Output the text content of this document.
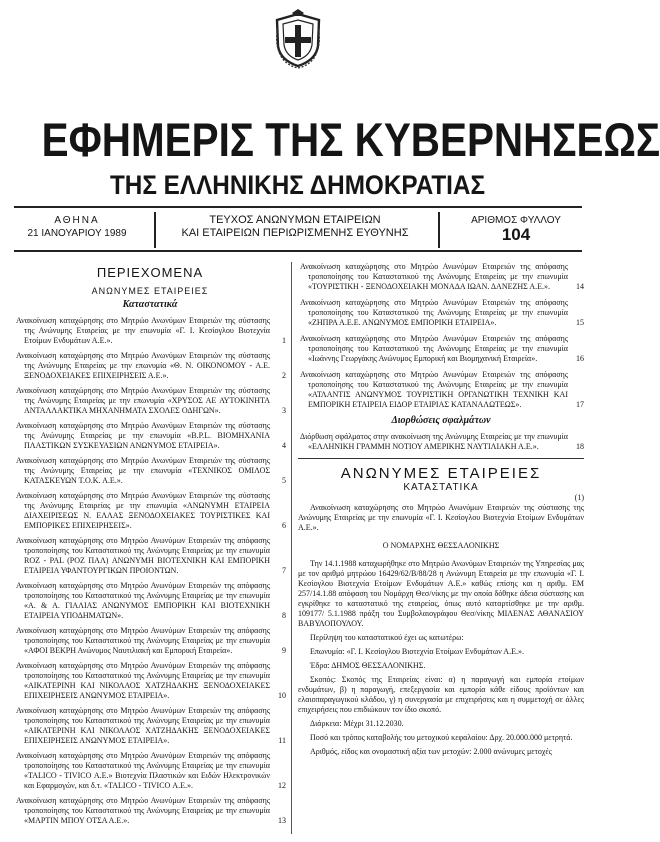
ΕΦΗΜΕΡΙΣ ΤΗΣ ΚΥΒΕΡΝΗΣΕΩΣ
ΤΗΣ ΕΛΛΗΝΙΚΗΣ ΔΗΜΟΚΡΑΤΙΑΣ
ΑΘΗΝΑ
21 ΙΑΝΟΥΑΡΙΟΥ 1989
ΤΕΥΧΟΣ ΑΝΩΝΥΜΩΝ ΕΤΑΙΡΕΙΩΝ
ΚΑΙ ΕΤΑΙΡΕΙΩΝ ΠΕΡΙΩΡΙΣΜΕΝΗΣ ΕΥΘΥΝΗΣ
ΑΡΙΘΜΟΣ ΦΥΛΛΟΥ
104
ΠΕΡΙΕΧΟΜΕΝΑ
ΑΝΩΝΥΜΕΣ ΕΤΑΙΡΕΙΕΣ
Καταστατικά
Ανακοίνωση καταχώρησης στο Μητρώο Ανωνύμων Εταιρειών της σύστασης της Ανώνυμης Εταιρείας με την επωνυμία «Γ. Ι. Κεσίογλου Βιοτεχνία Ετοίμων Ενδυμάτων Α.Ε.».	1
Ανακοίνωση καταχώρησης στο Μητρώο Ανωνύμων Εταιρειών της σύστασης της Ανώνυμης Εταιρείας με την επωνυμία «Θ. Ν. ΟΙΚΟΝΟΜΟΥ - Α.Ε. ΞΕΝΟΔΟΧΕΙΑΚΕΣ ΕΠΙΧΕΙΡΗΣΕΙΣ Α.Ε.».	2
Ανακοίνωση καταχώρησης στο Μητρώο Ανωνύμων Εταιρειών της σύστασης της Ανώνυμης Εταιρείας με την επωνυμία «ΧΡΥΣΟΣ ΑΕ ΑΥΤΟΚΙΝΗΤΑ ΑΝΤΑΛΛΑΚΤΙΚΑ ΜΗΧΑΝΗΜΑΤΑ ΣΧΟΛΕΣ ΟΔΗΓΩΝ».	3
Ανακοίνωση καταχώρησης στο Μητρώο Ανωνύμων Εταιρειών της σύστασης της Ανώνυμης Εταιρείας με την επωνυμία «B.P.L. ΒΙΟΜΗΧΑΝΙΑ ΠΛΑΣΤΙΚΩΝ ΣΥΣΚΕΥΑΣΙΩΝ ΑΝΩΝΥΜΟΣ ΕΤΑΙΡΕΙΑ».	4
Ανακοίνωση καταχώρησης στο Μητρώο Ανωνύμων Εταιρειών της σύστασης της Ανώνυμης Εταιρείας με την επωνυμία «ΤΕΧΝΙΚΟΣ ΟΜΙΛΟΣ ΚΑΤΑΣΚΕΥΩΝ Τ.Ο.Κ. Α.Ε.».	5
Ανακοίνωση καταχώρησης στο Μητρώο Ανωνύμων Εταιρειών της σύστασης της Ανώνυμης Εταιρείας με την επωνυμία «ΑΝΩΝΥΜΗ ΕΤΑΙΡΕΙΑ ΔΙΑΧΕΙΡΙΣΕΩΣ Ν. ΕΛΛΑΣ ΞΕΝΟΔΟΧΕΙΑΚΕΣ ΤΟΥΡΙΣΤΙΚΕΣ ΚΑΙ ΕΜΠΟΡΙΚΕΣ ΕΠΙΧΕΙΡΗΣΕΙΣ».	6
Ανακοίνωση καταχώρησης στο Μητρώο Ανωνύμων Εταιρειών της απόφασης τροποποίησης του Καταστατικού της Ανώνυμης Εταιρείας με την επωνυμία ROZ - PAL (ΡΟΖ ΠΑΛ) ΑΝΩΝΥΜΗ ΒΙΟΤΕΧΝΙΚΗ ΚΑΙ ΕΜΠΟΡΙΚΗ ΕΤΑΙΡΕΙΑ ΥΦΑΝΤΟΥΡΓΙΚΩΝ ΠΡΟΙΟΝΤΩΝ.	7
Ανακοίνωση καταχώρησης στο Μητρώο Ανωνύμων Εταιρειών της απόφασης τροποποίησης του Καταστατικού της Ανώνυμης Εταιρείας με την επωνυμία «Α. & Α. ΓΙΑΛΙΑΣ ΑΝΩΝΥΜΟΣ ΕΜΠΟΡΙΚΗ ΚΑΙ ΒΙΟΤΕΧΝΙΚΗ ΕΤΑΙΡΕΙΑ ΥΠΟΔΗΜΑΤΩΝ».	8
Ανακοίνωση καταχώρησης στο Μητρώο Ανωνύμων Εταιρειών της απόφασης τροποποίησης του Καταστατικού της Ανώνυμης Εταιρείας με την επωνυμία «ΑΦΟΙ ΒΕΚΡΗ Ανώνυμος Ναυτιλιακή και Εμπορική Εταιρεία».	9
Ανακοίνωση καταχώρησης στο Μητρώο Ανωνύμων Εταιρειών της απόφασης τροποποίησης του Καταστατικού της Ανώνυμης Εταιρείας με την επωνυμία «ΑΙΚΑΤΕΡΙΝΗ ΚΑΙ ΝΙΚΟΛΑΟΣ ΧΑΤΖΗΔΑΚΗΣ ΞΕΝΟΔΟΧΕΙΑΚΕΣ ΕΠΙΧΕΙΡΗΣΕΙΣ ΑΝΩΝΥΜΟΣ ΕΤΑΙΡΕΙΑ».	10
Ανακοίνωση καταχώρησης στο Μητρώο Ανωνύμων Εταιρειών της απόφασης τροποποίησης του Καταστατικού της Ανώνυμης Εταιρείας με την επωνυμία «ΑΙΚΑΤΕΡΙΝΗ ΚΑΙ ΝΙΚΟΛΑΟΣ ΧΑΤΖΗΔΑΚΗΣ ΞΕΝΟΔΟΧΕΙΑΚΕΣ ΕΠΙΧΕΙΡΗΣΕΙΣ ΑΝΩΝΥΜΟΣ ΕΤΑΙΡΕΙΑ».	11
Ανακοίνωση καταχώρησης στο Μητρώο Ανωνύμων Εταιρειών της απόφασης τροποποίησης του Καταστατικού της Ανώνυμης Εταιρείας με την επωνυμία «TALICO - TIVICO Α.Ε.» Βιοτεχνία Πλαστικών και Ειδών Ηλεκτρονικών και Εφαρμογών, και δ.τ. «TALICO - TIVICO Α.Ε.».	12
Ανακοίνωση καταχώρησης στο Μητρώο Ανωνύμων Εταιρειών της απόφασης τροποποίησης του Καταστατικού της Ανώνυμης Εταιρείας με την επωνυμία «ΜΑΡΤΙΝ ΜΠΟΥ ΟΤΣΑ Α.Ε.».	13
Ανακοίνωση καταχώρησης στο Μητρώο Ανωνύμων Εταιρειών της απόφασης τροποποίησης του Καταστατικού της Ανώνυμης Εταιρείας με την επωνυμία «ΤΟΥΡΙΣΤΙΚΗ - ΞΕΝΟΔΟΧΕΙΑΚΗ ΜΟΝΑΔΑ ΙΩΑΝ. ΔΑΝΕΖΗΣ Α.Ε.».	14
Ανακοίνωση καταχώρησης στο Μητρώο Ανωνύμων Εταιρειών της απόφασης τροποποίησης του Καταστατικού της Ανώνυμης Εταιρείας με την επωνυμία «ΖΗΠΡΑ Α.Ε.Ε. ΑΝΩΝΥΜΟΣ ΕΜΠΟΡΙΚΗ ΕΤΑΙΡΕΙΑ».	15
Ανακοίνωση καταχώρησης στο Μητρώο Ανωνύμων Εταιρειών της απόφασης τροποποίησης του Καταστατικού της Ανώνυμης Εταιρείας με την επωνυμία «Ιωάννης Γεωργάκης Ανώνυμος Εμπορική και Βιομηχανική Εταιρεία».	16
Ανακοίνωση καταχώρησης στο Μητρώο Ανωνύμων Εταιρειών της απόφασης τροποποίησης του Καταστατικού της Ανώνυμης Εταιρείας με την επωνυμία «ΑΤΛΑΝΤΙΣ ΑΝΩΝΥΜΟΣ ΤΟΥΡΙΣΤΙΚΗ ΟΡΓΑΝΩΤΙΚΗ ΤΕΧΝΙΚΗ ΚΑΙ ΕΜΠΟΡΙΚΗ ΕΤΑΙΡΕΙΑ ΕΙΔΟΡ ΕΤΑΙΡΙΑΣ ΚΑΤΑΝΑΛΩΤΕΩΣ».	17
Διορθώσεις σφαλμάτων
Διόρθωση σφάλματος στην ανακοίνωση της Ανώνυμης Εταιρείας με την επωνυμία «ΕΛΛΗΝΙΚΗ ΓΡΑΜΜΗ ΝΟΤΙΟΥ ΑΜΕΡΙΚΗΣ ΝΑΥΤΙΛΙΑΚΗ Α.Ε.».	18
ΑΝΩΝΥΜΕΣ ΕΤΑΙΡΕΙΕΣ
ΚΑΤΑΣΤΑΤΙΚΑ
(1)
Ανακοίνωση καταχώρησης στο Μητρώο Ανωνύμων Εταιρειών της σύστασης της Ανώνυμης Εταιρείας με την επωνυμία «Γ. Ι. Κεσίογλου Βιοτεχνία Ετοίμων Ενδυμάτων Α.Ε.».
Ο ΝΟΜΑΡΧΗΣ ΘΕΣΣΑΛΟΝΙΚΗΣ
Την 14.1.1988 καταχωρήθηκε στο Μητρώο Ανωνύμων Εταιρειών της Υπηρεσίας μας με τον αριθμό μητρώου 16429/62/Β/88/28 η Ανώνυμη Εταιρεία με την επωνυμία «Γ. Ι. Κεσίογλου Βιοτεχνία Ετοίμων Ενδυμάτων Α.Ε.» καθώς επίσης και η αριθμ. ΕΜ 257/14.1.88 απόφαση του Νομάρχη Θεσ/νίκης με την οποία δόθηκε άδεια σύστασης και εγκρίθηκε το καταστατικό της εταιρείας, όπως αυτό καταρτίσθηκε με την αριθμ. 109177/ 5.1.1988 πράξη του Συμβολαιογράφου Θεσ/νίκης ΜΙΛΕΝΑΣ ΑΘΑΝΑΣΙΟΥ ΒΑΒΥΛΟΠΟΥΛΟΥ.
Περίληψη του καταστατικού έχει ως κατωτέρω:
Επωνυμία: «Γ. Ι. Κεσίογλου Βιοτεχνία Ετοίμων Ενδυμάτων Α.Ε.».
Έδρα: ΔΗΜΟΣ ΘΕΣΣΑΛΟΝΙΚΗΣ.
Σκοπός: Σκοπός της Εταιρείας είναι: α) η παραγωγή και εμπορία ετοίμων ενδυμάτων, β) η παραγωγή, επεξεργασία και εμπορία κάθε είδους προϊόντων και ελαιοπαραγωγικού κλάδου, γ) η συνεργασία με επιχειρήσεις και η συμμετοχή σε άλλες επιχειρήσεις που επιδιώκουν τον ίδιο σκοπό.
Διάρκεια: Μέχρι 31.12.2030.
Ποσό και τρόπος καταβολής του μετοχικού κεφαλαίου: Δρχ. 20.000.000 μετρητά.
Αριθμός, είδος και ονομαστική αξία των μετοχών: 2.000 ανώνυμες μετοχές
